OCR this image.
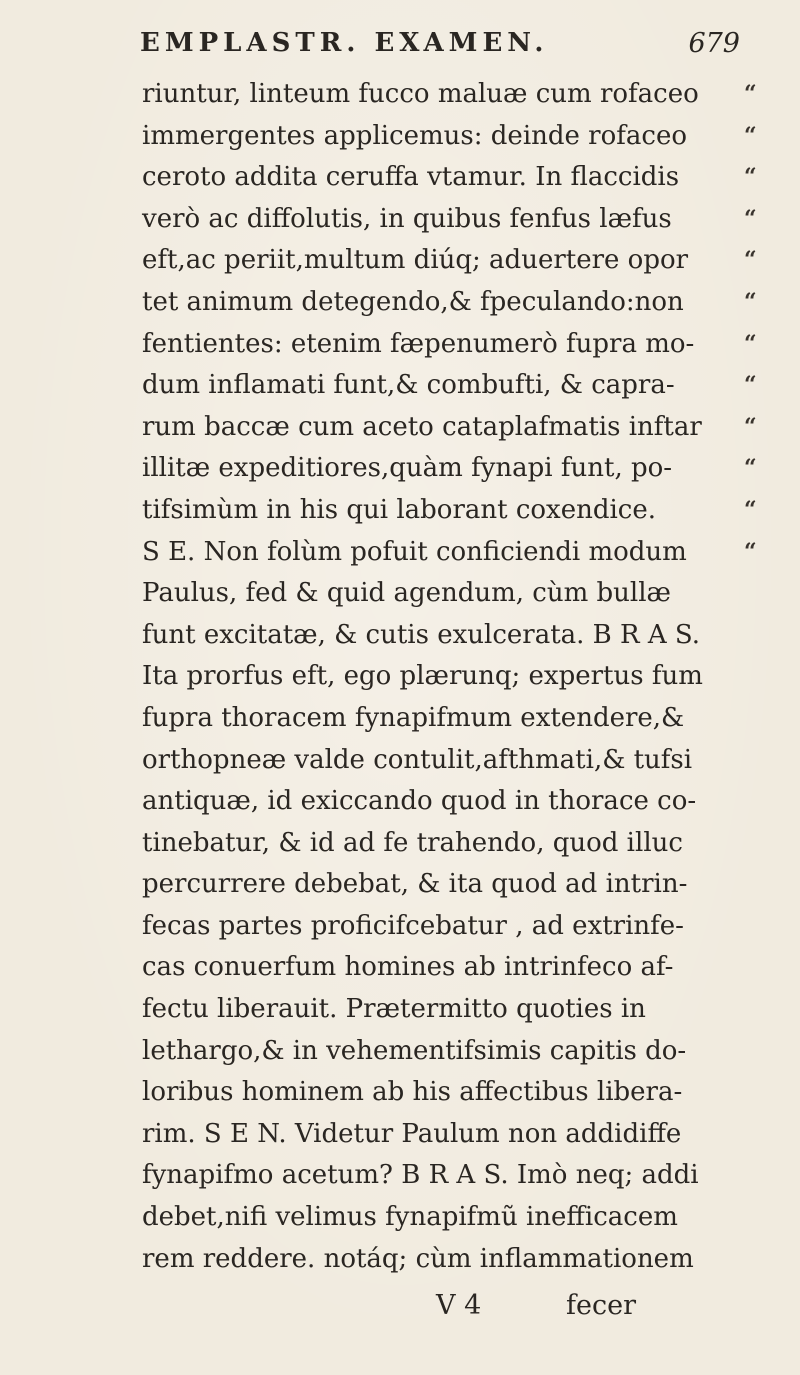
EMPLASTR. EXAMEN.	679
riuntur, linteum fucco maluæ cum rofaceo
immergentes applicemus: deinde rofaceo
ceroto addita ceruffa vtamur. In flaccidis
verò ac diffolutis, in quibus fenfus læfus
eft,ac periit,multum diúq; aduertere opor
tet animum detegendo,& fpeculando:non
fentientes: etenim fæpenumerò fupra mo-
dum inflamati funt,& combufti, & capra-
rum baccæ cum aceto cataplafmatis inftar
illitæ expeditiores,quàm fynapi funt, po-
tifsimùm in his qui laborant coxendice.
S E. Non folùm pofuit conficiendi modum
Paulus, fed & quid agendum, cùm bullæ
funt excitatæ, & cutis exulcerata. B R A S.
Ita prorfus eft, ego plærunq; expertus fum
fupra thoracem fynapifmum extendere,&
orthopneæ valde contulit,afthmati,& tufsi
antiquæ, id exiccando quod in thorace co-
tinebatur, & id ad fe trahendo, quod illuc
percurrere debebat, & ita quod ad intrin-
fecas partes proficifcebatur , ad extrinfe-
cas conuerfum homines ab intrinfeco af-
fectu liberauit. Prætermitto quoties in
lethargo,& in vehementifsimis capitis do-
loribus hominem ab his affectibus libera-
rim. S E N. Videtur Paulum non addidiffe
fynapifmo acetum? B R A S. Imò neq; addi
debet,nifi velimus fynapifmũ inefficacem
rem reddere. notáq; cùm inflammationem
“
“
“
“
“
“
“
“
“
“
“
“
V 4	fecer
